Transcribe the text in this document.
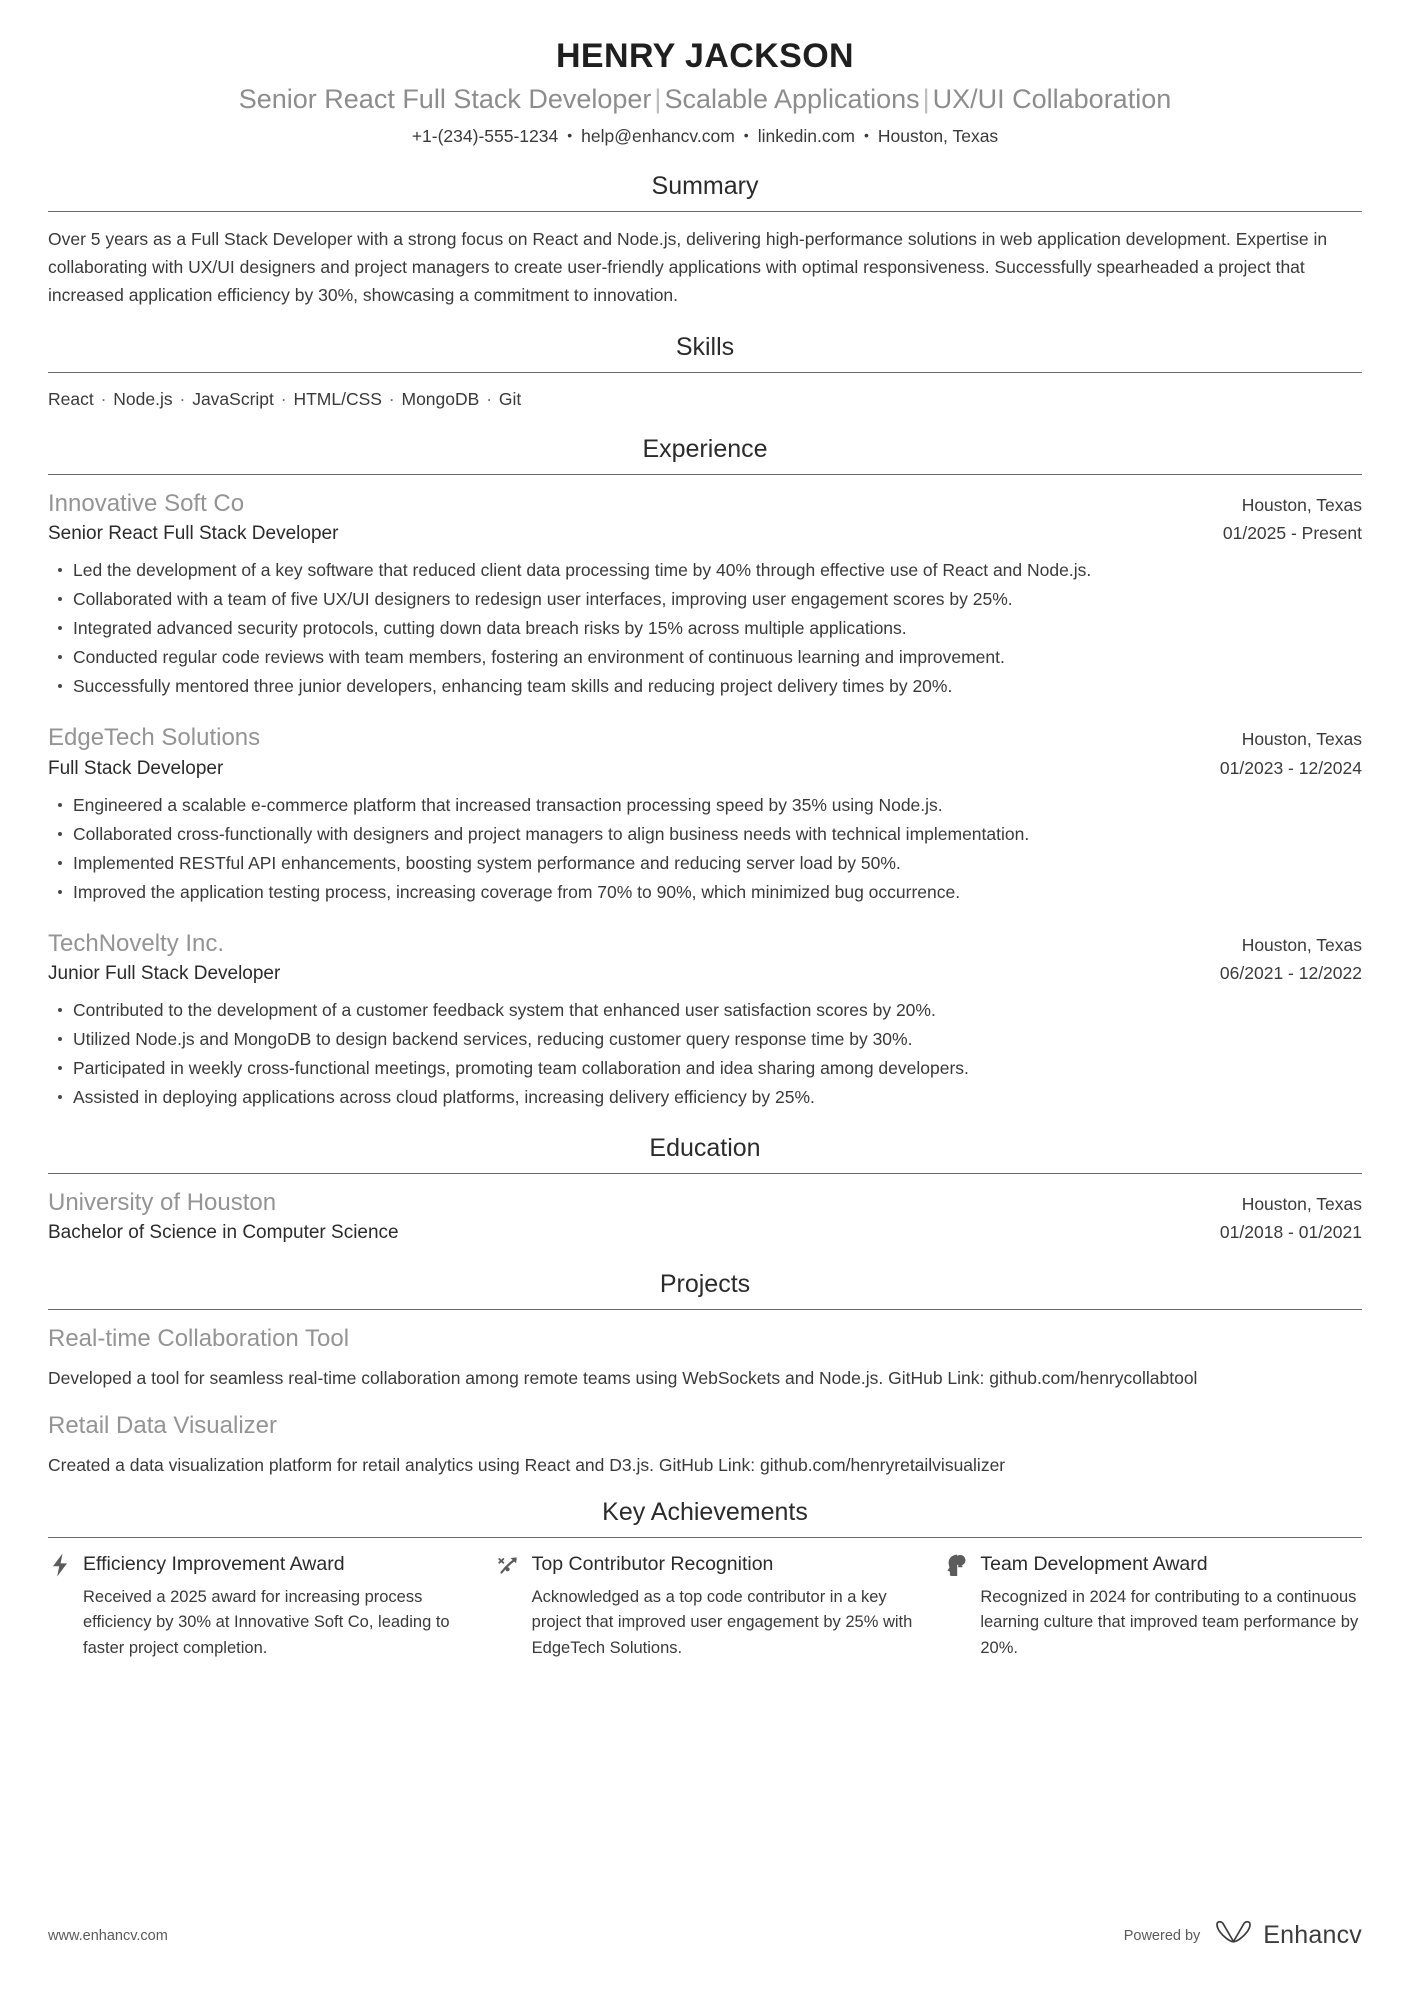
HENRY JACKSON
Senior React Full Stack Developer | Scalable Applications | UX/UI Collaboration
+1-(234)-555-1234 • help@enhancv.com • linkedin.com • Houston, Texas
Summary
Over 5 years as a Full Stack Developer with a strong focus on React and Node.js, delivering high-performance solutions in web application development. Expertise in collaborating with UX/UI designers and project managers to create user-friendly applications with optimal responsiveness. Successfully spearheaded a project that increased application efficiency by 30%, showcasing a commitment to innovation.
Skills
React · Node.js · JavaScript · HTML/CSS · MongoDB · Git
Experience
Innovative Soft Co	Houston, Texas
Senior React Full Stack Developer	01/2025 - Present
Led the development of a key software that reduced client data processing time by 40% through effective use of React and Node.js.
Collaborated with a team of five UX/UI designers to redesign user interfaces, improving user engagement scores by 25%.
Integrated advanced security protocols, cutting down data breach risks by 15% across multiple applications.
Conducted regular code reviews with team members, fostering an environment of continuous learning and improvement.
Successfully mentored three junior developers, enhancing team skills and reducing project delivery times by 20%.
EdgeTech Solutions	Houston, Texas
Full Stack Developer	01/2023 - 12/2024
Engineered a scalable e-commerce platform that increased transaction processing speed by 35% using Node.js.
Collaborated cross-functionally with designers and project managers to align business needs with technical implementation.
Implemented RESTful API enhancements, boosting system performance and reducing server load by 50%.
Improved the application testing process, increasing coverage from 70% to 90%, which minimized bug occurrence.
TechNovelty Inc.	Houston, Texas
Junior Full Stack Developer	06/2021 - 12/2022
Contributed to the development of a customer feedback system that enhanced user satisfaction scores by 20%.
Utilized Node.js and MongoDB to design backend services, reducing customer query response time by 30%.
Participated in weekly cross-functional meetings, promoting team collaboration and idea sharing among developers.
Assisted in deploying applications across cloud platforms, increasing delivery efficiency by 25%.
Education
University of Houston	Houston, Texas
Bachelor of Science in Computer Science	01/2018 - 01/2021
Projects
Real-time Collaboration Tool
Developed a tool for seamless real-time collaboration among remote teams using WebSockets and Node.js. GitHub Link: github.com/henrycollabtool
Retail Data Visualizer
Created a data visualization platform for retail analytics using React and D3.js. GitHub Link: github.com/henryretailvisualizer
Key Achievements
Efficiency Improvement Award
Received a 2025 award for increasing process efficiency by 30% at Innovative Soft Co, leading to faster project completion.
Top Contributor Recognition
Acknowledged as a top code contributor in a key project that improved user engagement by 25% with EdgeTech Solutions.
Team Development Award
Recognized in 2024 for contributing to a continuous learning culture that improved team performance by 20%.
www.enhancv.com	Powered by	Enhancv
